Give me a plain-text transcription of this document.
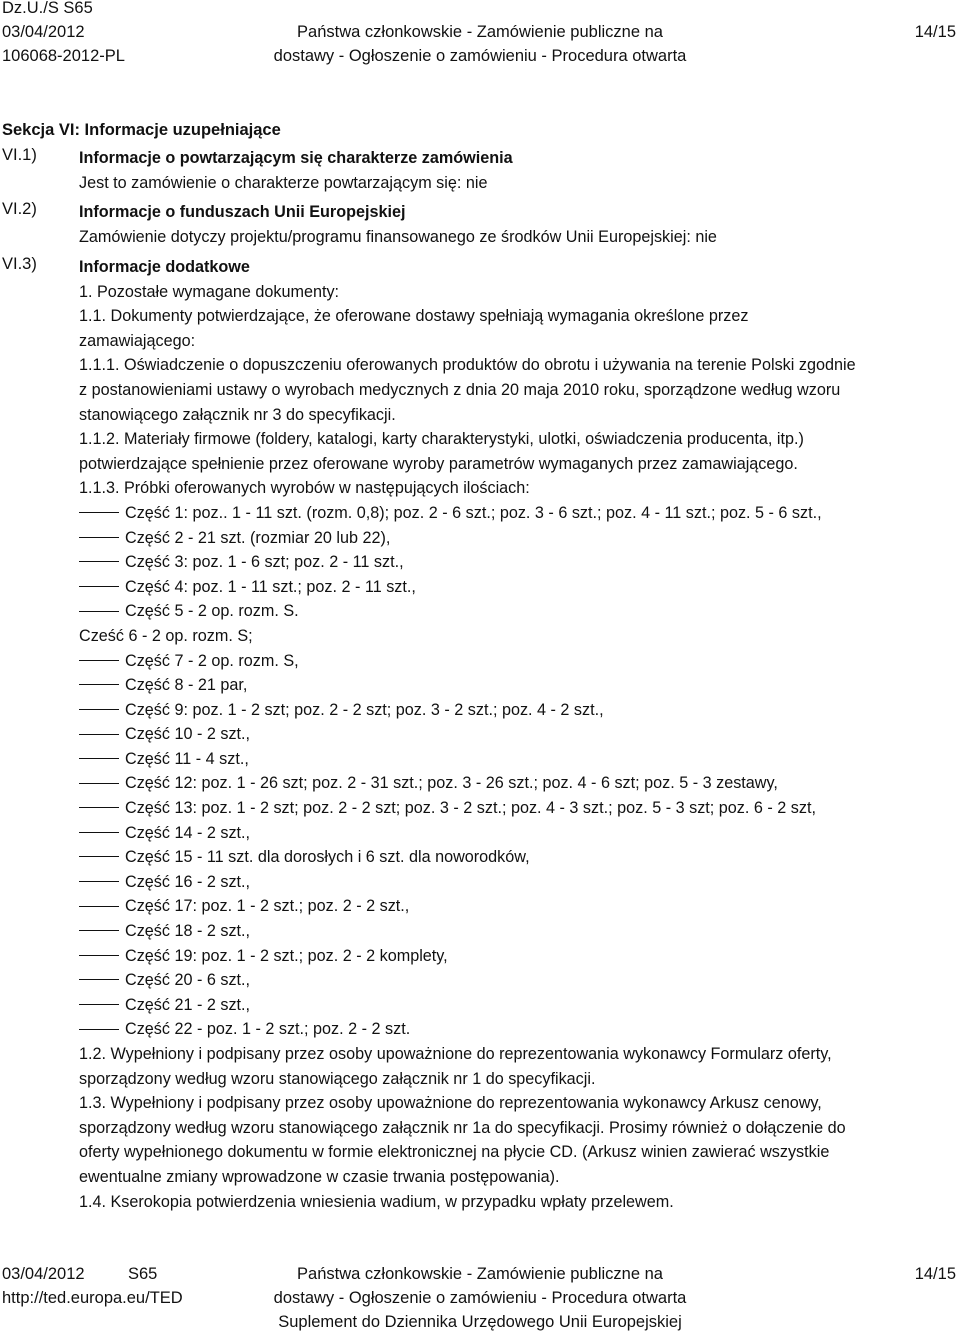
Dz.U./S S65
03/04/2012
106068-2012-PL
Państwa członkowskie - Zamówienie publiczne na
dostawy - Ogłoszenie o zamówieniu - Procedura otwarta
14/15
Sekcja VI: Informacje uzupełniające
VI.1)	Informacje o powtarzającym się charakterze zamówienia
Jest to zamówienie o charakterze powtarzającym się: nie
VI.2)	Informacje o funduszach Unii Europejskiej
Zamówienie dotyczy projektu/programu finansowanego ze środków Unii Europejskiej: nie
VI.3)	Informacje dodatkowe
1. Pozostałe wymagane dokumenty:
1.1. Dokumenty potwierdzające, że oferowane dostawy spełniają wymagania określone przez
zamawiającego:
1.1.1. Oświadczenie o dopuszczeniu oferowanych produktów do obrotu i używania na terenie Polski zgodnie
z postanowieniami ustawy o wyrobach medycznych z dnia 20 maja 2010 roku, sporządzone według wzoru
stanowiącego załącznik nr 3 do specyfikacji.
1.1.2. Materiały firmowe (foldery, katalogi, karty charakterystyki, ulotki, oświadczenia producenta, itp.)
potwierdzające spełnienie przez oferowane wyroby parametrów wymaganych przez zamawiającego.
1.1.3. Próbki oferowanych wyrobów w następujących ilościach:
Część 1: poz.. 1 - 11 szt. (rozm. 0,8); poz. 2 - 6 szt.; poz. 3 - 6 szt.; poz. 4 - 11 szt.; poz. 5 - 6 szt.,
Część 2 - 21 szt. (rozmiar 20 lub 22),
Część 3: poz. 1 - 6 szt; poz. 2 - 11 szt.,
Część 4: poz. 1 - 11 szt.; poz. 2 - 11 szt.,
Część 5 - 2 op. rozm. S.
Cześć 6 - 2 op. rozm. S;
Część 7 - 2 op. rozm. S,
Część 8 - 21 par,
Część 9: poz. 1 - 2 szt; poz. 2 - 2 szt; poz. 3 - 2 szt.; poz. 4 - 2 szt.,
Część 10 - 2 szt.,
Część 11 - 4 szt.,
Część 12: poz. 1 - 26 szt; poz. 2 - 31 szt.; poz. 3 - 26 szt.; poz. 4 - 6 szt; poz. 5 - 3 zestawy,
Część 13: poz. 1 - 2 szt; poz. 2 - 2 szt; poz. 3 - 2 szt.; poz. 4 - 3 szt.; poz. 5 - 3 szt; poz. 6 - 2 szt,
Część 14 - 2 szt.,
Część 15 - 11 szt. dla dorosłych i 6 szt. dla noworodków,
Część 16 - 2 szt.,
Część 17: poz. 1 - 2 szt.; poz. 2 - 2 szt.,
Część 18 - 2 szt.,
Część 19: poz. 1 - 2 szt.; poz. 2 - 2 komplety,
Część 20 - 6 szt.,
Część 21 - 2 szt.,
Część 22 - poz. 1 - 2 szt.; poz. 2 - 2 szt.
1.2. Wypełniony i podpisany przez osoby upoważnione do reprezentowania wykonawcy Formularz oferty,
sporządzony według wzoru stanowiącego załącznik nr 1 do specyfikacji.
1.3. Wypełniony i podpisany przez osoby upoważnione do reprezentowania wykonawcy Arkusz cenowy,
sporządzony według wzoru stanowiącego załącznik nr 1a do specyfikacji. Prosimy również o dołączenie do
oferty wypełnionego dokumentu w formie elektronicznej na płycie CD. (Arkusz winien zawierać wszystkie
ewentualne zmiany wprowadzone w czasie trwania postępowania).
1.4. Kserokopia potwierdzenia wniesienia wadium, w przypadku wpłaty przelewem.
03/04/2012	S65
http://ted.europa.eu/TED
Państwa członkowskie - Zamówienie publiczne na
dostawy - Ogłoszenie o zamówieniu - Procedura otwarta
Suplement do Dziennika Urzędowego Unii Europejskiej
14/15
